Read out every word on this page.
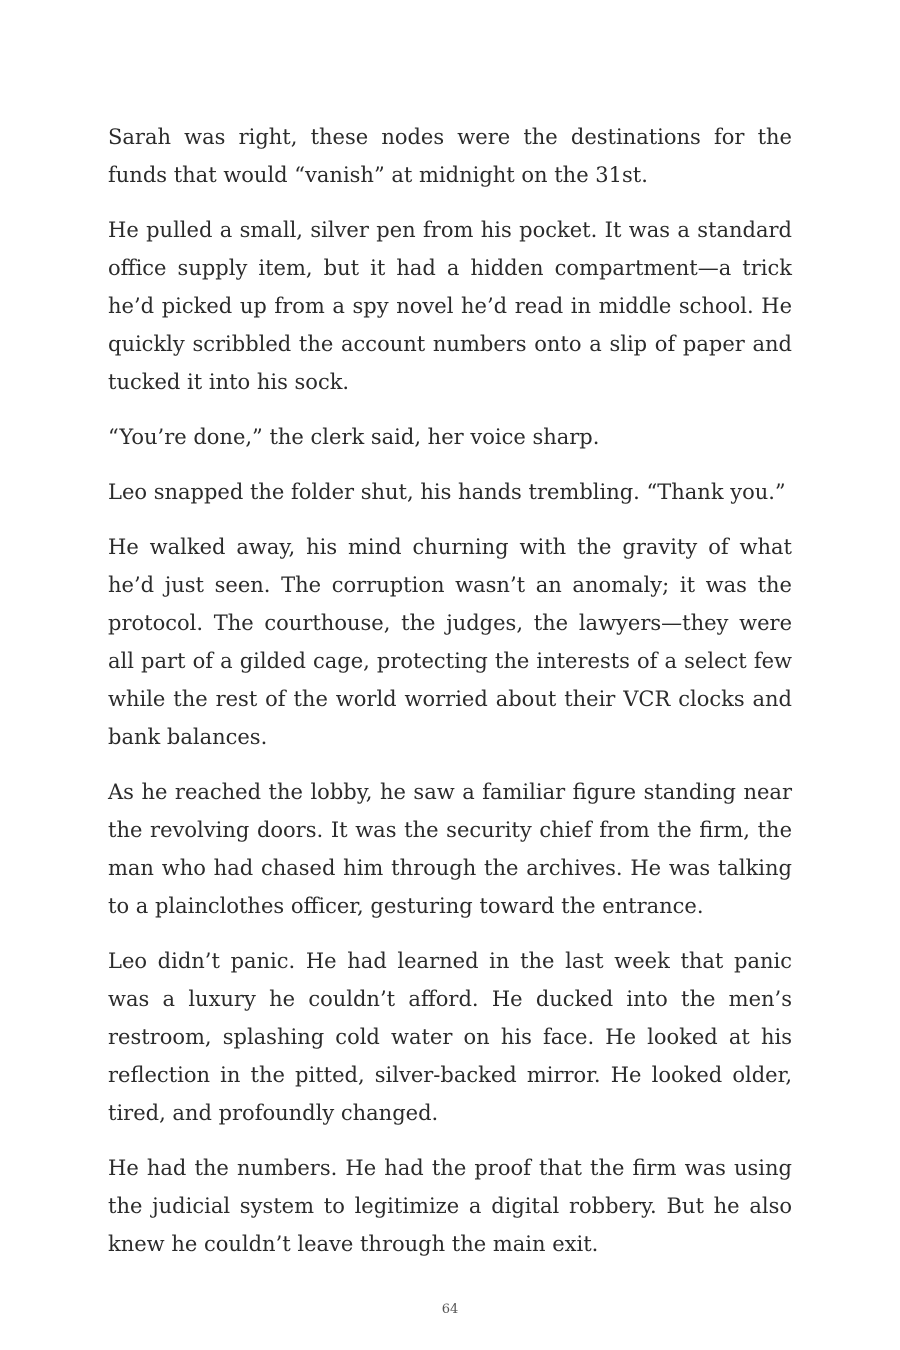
Sarah was right, these nodes were the destinations for the funds that would “vanish” at midnight on the 31st.

He pulled a small, silver pen from his pocket. It was a standard office supply item, but it had a hidden compartment—a trick he’d picked up from a spy novel he’d read in middle school. He quickly scribbled the account numbers onto a slip of paper and tucked it into his sock.

“You’re done,” the clerk said, her voice sharp.

Leo snapped the folder shut, his hands trembling. “Thank you.”

He walked away, his mind churning with the gravity of what he’d just seen. The corruption wasn’t an anomaly; it was the protocol. The courthouse, the judges, the lawyers—they were all part of a gilded cage, protecting the interests of a select few while the rest of the world worried about their VCR clocks and bank balances.

As he reached the lobby, he saw a familiar figure standing near the revolving doors. It was the security chief from the firm, the man who had chased him through the archives. He was talking to a plainclothes officer, gesturing toward the entrance.

Leo didn’t panic. He had learned in the last week that panic was a luxury he couldn’t afford. He ducked into the men’s restroom, splashing cold water on his face. He looked at his reflection in the pitted, silver-backed mirror. He looked older, tired, and profoundly changed.

He had the numbers. He had the proof that the firm was using the judicial system to legitimize a digital robbery. But he also knew he couldn’t leave through the main exit.

64
